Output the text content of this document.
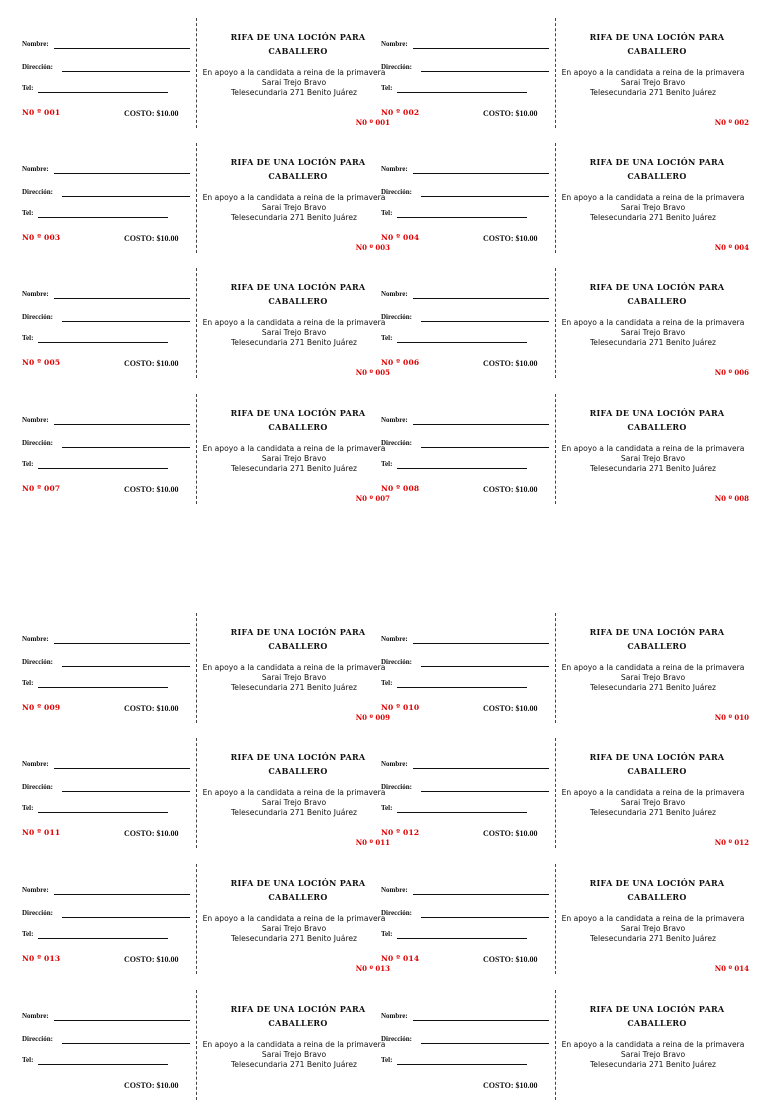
Nombre:
Dirección:
Tel:
N0 º 001	COSTO: $10.00
RIFA DE UNA LOCIÓN PARA CABALLERO
En apoyo a la candidata a reina de la primavera
Sarai Trejo Bravo
Telesecundaria 271 Benito Juárez
N0 º 001
Nombre:
Dirección:
Tel:
N0 º 002	COSTO: $10.00
RIFA DE UNA LOCIÓN PARA CABALLERO
En apoyo a la candidata a reina de la primavera
Sarai Trejo Bravo
Telesecundaria 271 Benito Juárez
N0 º 002
Nombre:
Dirección:
Tel:
N0 º 003	COSTO: $10.00
RIFA DE UNA LOCIÓN PARA CABALLERO
En apoyo a la candidata a reina de la primavera
Sarai Trejo Bravo
Telesecundaria 271 Benito Juárez
N0 º 003
Nombre:
Dirección:
Tel:
N0 º 004	COSTO: $10.00
RIFA DE UNA LOCIÓN PARA CABALLERO
En apoyo a la candidata a reina de la primavera
Sarai Trejo Bravo
Telesecundaria 271 Benito Juárez
N0 º 004
Nombre:
Dirección:
Tel:
N0 º 005	COSTO: $10.00
RIFA DE UNA LOCIÓN PARA CABALLERO
En apoyo a la candidata a reina de la primavera
Sarai Trejo Bravo
Telesecundaria 271 Benito Juárez
N0 º 005
Nombre:
Dirección:
Tel:
N0 º 006	COSTO: $10.00
RIFA DE UNA LOCIÓN PARA CABALLERO
En apoyo a la candidata a reina de la primavera
Sarai Trejo Bravo
Telesecundaria 271 Benito Juárez
N0 º 006
Nombre:
Dirección:
Tel:
N0 º 007	COSTO: $10.00
RIFA DE UNA LOCIÓN PARA CABALLERO
En apoyo a la candidata a reina de la primavera
Sarai Trejo Bravo
Telesecundaria 271 Benito Juárez
N0 º 007
Nombre:
Dirección:
Tel:
N0 º 008	COSTO: $10.00
RIFA DE UNA LOCIÓN PARA CABALLERO
En apoyo a la candidata a reina de la primavera
Sarai Trejo Bravo
Telesecundaria 271 Benito Juárez
N0 º 008
Nombre:
Dirección:
Tel:
N0 º 009	COSTO: $10.00
RIFA DE UNA LOCIÓN PARA CABALLERO
En apoyo a la candidata a reina de la primavera
Sarai Trejo Bravo
Telesecundaria 271 Benito Juárez
N0 º 009
Nombre:
Dirección:
Tel:
N0 º 010	COSTO: $10.00
RIFA DE UNA LOCIÓN PARA CABALLERO
En apoyo a la candidata a reina de la primavera
Sarai Trejo Bravo
Telesecundaria 271 Benito Juárez
N0 º 010
Nombre:
Dirección:
Tel:
N0 º 011	COSTO: $10.00
RIFA DE UNA LOCIÓN PARA CABALLERO
En apoyo a la candidata a reina de la primavera
Sarai Trejo Bravo
Telesecundaria 271 Benito Juárez
N0 º 011
Nombre:
Dirección:
Tel:
N0 º 012	COSTO: $10.00
RIFA DE UNA LOCIÓN PARA CABALLERO
En apoyo a la candidata a reina de la primavera
Sarai Trejo Bravo
Telesecundaria 271 Benito Juárez
N0 º 012
Nombre:
Dirección:
Tel:
N0 º 013	COSTO: $10.00
RIFA DE UNA LOCIÓN PARA CABALLERO
En apoyo a la candidata a reina de la primavera
Sarai Trejo Bravo
Telesecundaria 271 Benito Juárez
N0 º 013
Nombre:
Dirección:
Tel:
N0 º 014	COSTO: $10.00
RIFA DE UNA LOCIÓN PARA CABALLERO
En apoyo a la candidata a reina de la primavera
Sarai Trejo Bravo
Telesecundaria 271 Benito Juárez
N0 º 014
Nombre:
Dirección:
Tel:
COSTO: $10.00
RIFA DE UNA LOCIÓN PARA CABALLERO
En apoyo a la candidata a reina de la primavera
Sarai Trejo Bravo
Telesecundaria 271 Benito Juárez
Nombre:
Dirección:
Tel:
COSTO: $10.00
RIFA DE UNA LOCIÓN PARA CABALLERO
En apoyo a la candidata a reina de la primavera
Sarai Trejo Bravo
Telesecundaria 271 Benito Juárez
